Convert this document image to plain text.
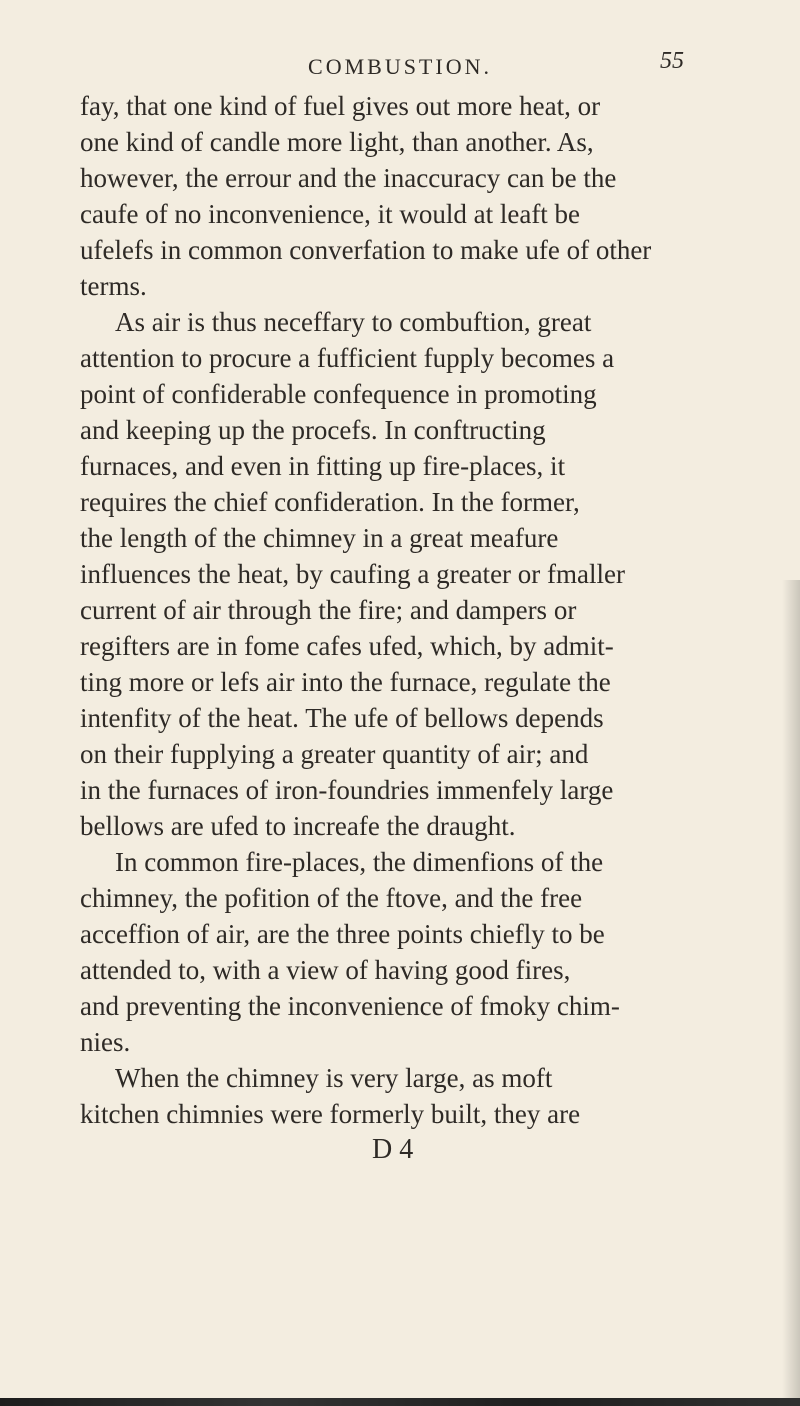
COMBUSTION.	55
fay, that one kind of fuel gives out more heat, or
one kind of candle more light, than another. As,
however, the errour and the inaccuracy can be the
caufe of no inconvenience, it would at leaft be
ufelefs in common converfation to make ufe of other
terms.
As air is thus neceffary to combuftion, great
attention to procure a fufficient fupply becomes a
point of confiderable confequence in promoting
and keeping up the procefs. In conftructing
furnaces, and even in fitting up fire-places, it
requires the chief confideration. In the former,
the length of the chimney in a great meafure
influences the heat, by caufing a greater or fmaller
current of air through the fire; and dampers or
regifters are in fome cafes ufed, which, by admit-
ting more or lefs air into the furnace, regulate the
intenfity of the heat. The ufe of bellows depends
on their fupplying a greater quantity of air; and
in the furnaces of iron-foundries immenfely large
bellows are ufed to increafe the draught.
In common fire-places, the dimenfions of the
chimney, the pofition of the ftove, and the free
acceffion of air, are the three points chiefly to be
attended to, with a view of having good fires,
and preventing the inconvenience of fmoky chim-
nies.
When the chimney is very large, as moft
kitchen chimnies were formerly built, they are
D 4
